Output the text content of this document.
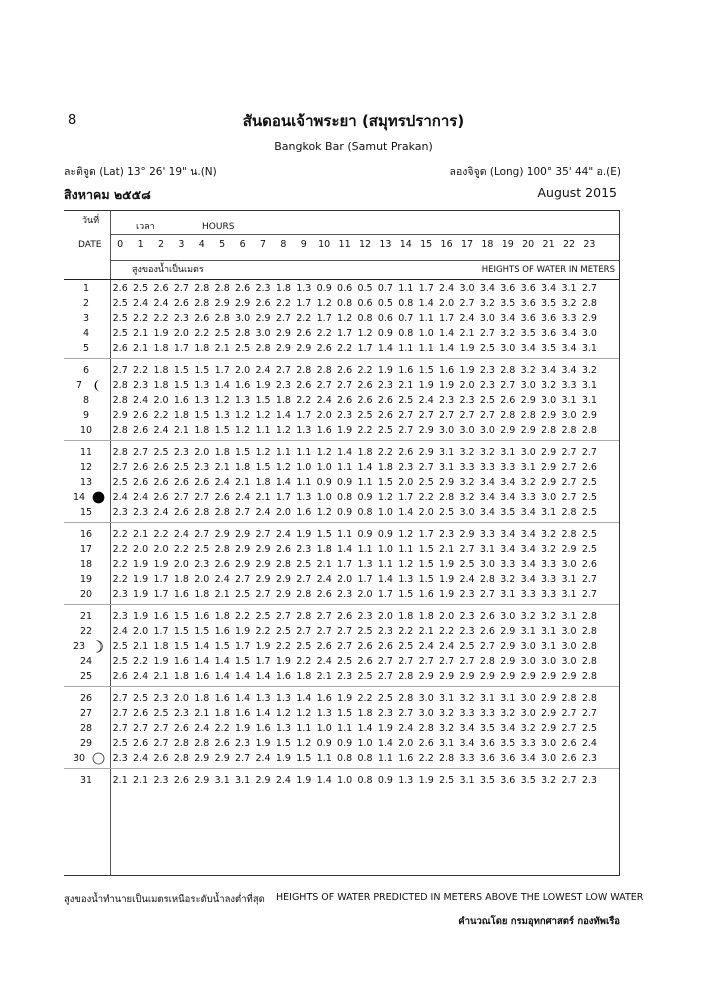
8	สันดอนเจ้าพระยา (สมุทรปราการ)
Bangkok Bar (Samut Prakan)
ละติจูด (Lat) 13° 26' 19" น.(N)	ลองจิจูด (Long) 100° 35' 44" อ.(E)
สิงหาคม ๒๕๕๘	August 2015
วันที่
DATE
เวลา	HOURS
สูงของน้ำเป็นเมตร	HEIGHTS OF WATER IN METERS
0	1	2	3	4	5	6	7	8	9	10 11 12 13 14 15 16 17 18 19 20 21 22 23
1	2.6 2.5 2.6 2.7 2.8 2.8 2.6 2.3 1.8 1.3 0.9 0.6 0.5 0.7 1.1 1.7 2.4 3.0 3.4 3.6 3.6 3.4 3.1 2.7
2	2.5 2.4 2.4 2.6 2.8 2.9 2.9 2.6 2.2 1.7 1.2 0.8 0.6 0.5 0.8 1.4 2.0 2.7 3.2 3.5 3.6 3.5 3.2 2.8
3	2.5 2.2 2.2 2.3 2.6 2.8 3.0 2.9 2.7 2.2 1.7 1.2 0.8 0.6 0.7 1.1 1.7 2.4 3.0 3.4 3.6 3.6 3.3 2.9
4	2.5 2.1 1.9 2.0 2.2 2.5 2.8 3.0 2.9 2.6 2.2 1.7 1.2 0.9 0.8 1.0 1.4 2.1 2.7 3.2 3.5 3.6 3.4 3.0
5	2.6 2.1 1.8 1.7 1.8 2.1 2.5 2.8 2.9 2.9 2.6 2.2 1.7 1.4 1.1 1.1 1.4 1.9 2.5 3.0 3.4 3.5 3.4 3.1
6	2.7 2.2 1.8 1.5 1.5 1.7 2.0 2.4 2.7 2.8 2.8 2.6 2.2 1.9 1.6 1.5 1.6 1.9 2.3 2.8 3.2 3.4 3.4 3.2
7	2.8 2.3 1.8 1.5 1.3 1.4 1.6 1.9 2.3 2.6 2.7 2.7 2.6 2.3 2.1 1.9 1.9 2.0 2.3 2.7 3.0 3.2 3.3 3.1
8	2.8 2.4 2.0 1.6 1.3 1.2 1.3 1.5 1.8 2.2 2.4 2.6 2.6 2.6 2.5 2.4 2.3 2.3 2.5 2.6 2.9 3.0 3.1 3.1
9	2.9 2.6 2.2 1.8 1.5 1.3 1.2 1.2 1.4 1.7 2.0 2.3 2.5 2.6 2.7 2.7 2.7 2.7 2.7 2.8 2.8 2.9 3.0 2.9
10	2.8 2.6 2.4 2.1 1.8 1.5 1.2 1.1 1.2 1.3 1.6 1.9 2.2 2.5 2.7 2.9 3.0 3.0 3.0 2.9 2.9 2.8 2.8 2.8
11	2.8 2.7 2.5 2.3 2.0 1.8 1.5 1.2 1.1 1.1 1.2 1.4 1.8 2.2 2.6 2.9 3.1 3.2 3.2 3.1 3.0 2.9 2.7 2.7
12	2.7 2.6 2.6 2.5 2.3 2.1 1.8 1.5 1.2 1.0 1.0 1.1 1.4 1.8 2.3 2.7 3.1 3.3 3.3 3.3 3.1 2.9 2.7 2.6
13	2.5 2.6 2.6 2.6 2.6 2.4 2.1 1.8 1.4 1.1 0.9 0.9 1.1 1.5 2.0 2.5 2.9 3.2 3.4 3.4 3.2 2.9 2.7 2.5
14	2.4 2.4 2.6 2.7 2.7 2.6 2.4 2.1 1.7 1.3 1.0 0.8 0.9 1.2 1.7 2.2 2.8 3.2 3.4 3.4 3.3 3.0 2.7 2.5
15	2.3 2.3 2.4 2.6 2.8 2.8 2.7 2.4 2.0 1.6 1.2 0.9 0.8 1.0 1.4 2.0 2.5 3.0 3.4 3.5 3.4 3.1 2.8 2.5
16	2.2 2.1 2.2 2.4 2.7 2.9 2.9 2.7 2.4 1.9 1.5 1.1 0.9 0.9 1.2 1.7 2.3 2.9 3.3 3.4 3.4 3.2 2.8 2.5
17	2.2 2.0 2.0 2.2 2.5 2.8 2.9 2.9 2.6 2.3 1.8 1.4 1.1 1.0 1.1 1.5 2.1 2.7 3.1 3.4 3.4 3.2 2.9 2.5
18	2.2 1.9 1.9 2.0 2.3 2.6 2.9 2.9 2.8 2.5 2.1 1.7 1.3 1.1 1.2 1.5 1.9 2.5 3.0 3.3 3.4 3.3 3.0 2.6
19	2.2 1.9 1.7 1.8 2.0 2.4 2.7 2.9 2.9 2.7 2.4 2.0 1.7 1.4 1.3 1.5 1.9 2.4 2.8 3.2 3.4 3.3 3.1 2.7
20	2.3 1.9 1.7 1.6 1.8 2.1 2.5 2.7 2.9 2.8 2.6 2.3 2.0 1.7 1.5 1.6 1.9 2.3 2.7 3.1 3.3 3.3 3.1 2.7
21	2.3 1.9 1.6 1.5 1.6 1.8 2.2 2.5 2.7 2.8 2.7 2.6 2.3 2.0 1.8 1.8 2.0 2.3 2.6 3.0 3.2 3.2 3.1 2.8
22	2.4 2.0 1.7 1.5 1.5 1.6 1.9 2.2 2.5 2.7 2.7 2.7 2.5 2.3 2.2 2.1 2.2 2.3 2.6 2.9 3.1 3.1 3.0 2.8
23	2.5 2.1 1.8 1.5 1.4 1.5 1.7 1.9 2.2 2.5 2.6 2.7 2.6 2.6 2.5 2.4 2.4 2.5 2.7 2.9 3.0 3.1 3.0 2.8
24	2.5 2.2 1.9 1.6 1.4 1.4 1.5 1.7 1.9 2.2 2.4 2.5 2.6 2.7 2.7 2.7 2.7 2.7 2.8 2.9 3.0 3.0 3.0 2.8
25	2.6 2.4 2.1 1.8 1.6 1.4 1.4 1.4 1.6 1.8 2.1 2.3 2.5 2.7 2.8 2.9 2.9 2.9 2.9 2.9 2.9 2.9 2.9 2.8
26	2.7 2.5 2.3 2.0 1.8 1.6 1.4 1.3 1.3 1.4 1.6 1.9 2.2 2.5 2.8 3.0 3.1 3.2 3.1 3.1 3.0 2.9 2.8 2.8
27	2.7 2.6 2.5 2.3 2.1 1.8 1.6 1.4 1.2 1.2 1.3 1.5 1.8 2.3 2.7 3.0 3.2 3.3 3.3 3.2 3.0 2.9 2.7 2.7
28	2.7 2.7 2.7 2.6 2.4 2.2 1.9 1.6 1.3 1.1 1.0 1.1 1.4 1.9 2.4 2.8 3.2 3.4 3.5 3.4 3.2 2.9 2.7 2.5
29	2.5 2.6 2.7 2.8 2.8 2.6 2.3 1.9 1.5 1.2 0.9 0.9 1.0 1.4 2.0 2.6 3.1 3.4 3.6 3.5 3.3 3.0 2.6 2.4
30	2.3 2.4 2.6 2.8 2.9 2.9 2.7 2.4 1.9 1.5 1.1 0.8 0.8 1.1 1.6 2.2 2.8 3.3 3.6 3.6 3.4 3.0 2.6 2.3
31	2.1 2.1 2.3 2.6 2.9 3.1 3.1 2.9 2.4 1.9 1.4 1.0 0.8 0.9 1.3 1.9 2.5 3.1 3.5 3.6 3.5 3.2 2.7 2.3
สูงของน้ำทำนายเป็นเมตรเหนือระดับน้ำลงต่ำที่สุด HEIGHTS OF WATER PREDICTED IN METERS ABOVE THE LOWEST LOW WATER
คำนวณโดย กรมอุทกศาสตร์ กองทัพเรือ
